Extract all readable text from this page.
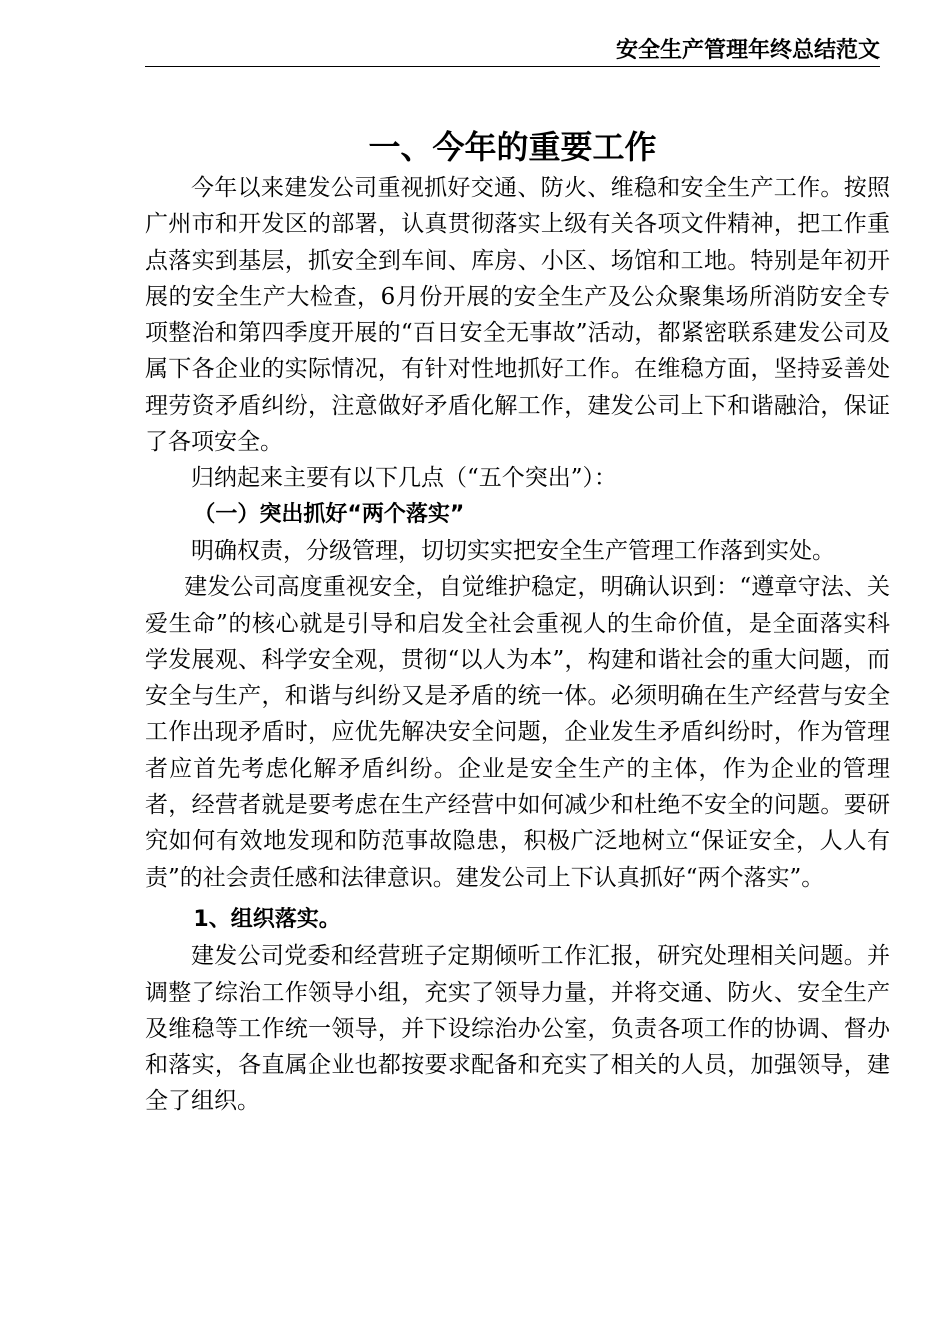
安全生产管理年终总结范文
一、今年的重要工作

今年以来建发公司重视抓好交通、防火、维稳和安全生产工作。按照广州市和开发区的部署，认真贯彻落实上级有关各项文件精神，把工作重点落实到基层，抓安全到车间、库房、小区、场馆和工地。特别是年初开展的安全生产大检查，6月份开展的安全生产及公众聚集场所消防安全专项整治和第四季度开展的“百日安全无事故”活动，都紧密联系建发公司及属下各企业的实际情况，有针对性地抓好工作。在维稳方面，坚持妥善处理劳资矛盾纠纷，注意做好矛盾化解工作，建发公司上下和谐融洽，保证了各项安全。

归纳起来主要有以下几点（“五个突出”）：

（一）突出抓好“两个落实”

明确权责，分级管理，切切实实把安全生产管理工作落到实处。

建发公司高度重视安全，自觉维护稳定，明确认识到：“遵章守法、关爱生命”的核心就是引导和启发全社会重视人的生命价值，是全面落实科学发展观、科学安全观，贯彻“以人为本”，构建和谐社会的重大问题，而安全与生产，和谐与纠纷又是矛盾的统一体。必须明确在生产经营与安全工作出现矛盾时，应优先解决安全问题，企业发生矛盾纠纷时，作为管理者应首先考虑化解矛盾纠纷。企业是安全生产的主体，作为企业的管理者，经营者就是要考虑在生产经营中如何减少和杜绝不安全的问题。要研究如何有效地发现和防范事故隐患，积极广泛地树立“保证安全，人人有责”的社会责任感和法律意识。建发公司上下认真抓好“两个落实”。

1、组织落实。

建发公司党委和经营班子定期倾听工作汇报，研究处理相关问题。并调整了综治工作领导小组，充实了领导力量，并将交通、防火、安全生产及维稳等工作统一领导，并下设综治办公室，负责各项工作的协调、督办和落实，各直属企业也都按要求配备和充实了相关的人员，加强领导，建全了组织。
